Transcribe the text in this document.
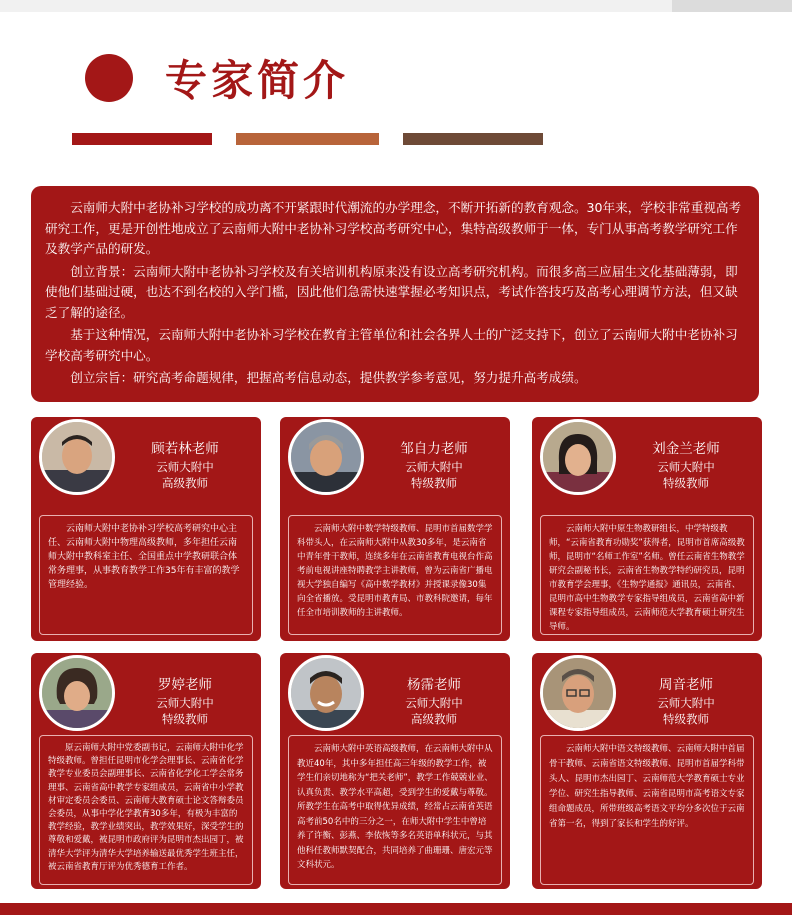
专家简介

云南师大附中老协补习学校的成功离不开紧跟时代潮流的办学理念，不断开拓新的教育观念。30年来，学校非常重视高考研究工作，更是开创性地成立了云南师大附中老协补习学校高考研究中心，集特高级教师于一体，专门从事高考教学研究工作及教学产品的研发。

创立背景：云南师大附中老协补习学校及有关培训机构原来没有设立高考研究机构。而很多高三应届生文化基础薄弱，即使他们基础过硬，也达不到名校的入学门槛，因此他们急需快速掌握必考知识点，考试作答技巧及高考心理调节方法，但又缺乏了解的途径。

基于这种情况，云南师大附中老协补习学校在教育主管单位和社会各界人士的广泛支持下，创立了云南师大附中老协补习学校高考研究中心。

创立宗旨：研究高考命题规律，把握高考信息动态，提供教学参考意见，努力提升高考成绩。

顾若林老师
云师大附中
高级教师
云南师大附中老协补习学校高考研究中心主任、云南师大附中物理高级教师，多年担任云南师大附中教科室主任、全国重点中学教研联合体常务理事，从事教育教学工作35年有丰富的教学管理经验。
邹自力老师
云师大附中
特级教师
云南师大附中数学特级教师、昆明市首届数学学科带头人，在云南师大附中从教30多年，是云南省中青年骨干教师，连续多年在云南省教育电视台作高考前电视讲座特聘教学主讲教师，曾为云南省广播电视大学独自编写《高中数学教材》并授课录像30集向全省播放。受昆明市教育局、市教科院邀请，每年任全市培训教师的主讲教师。
刘金兰老师
云师大附中
特级教师
云南师大附中原生物教研组长，中学特级教师，“云南省教育功勋奖”获得者，昆明市首席高级教师，昆明市“名师工作室”名师。曾任云南省生物教学研究会副秘书长，云南省生物教学特约研究员，昆明市教育学会理事，《生物学通报》通讯员，云南省、昆明市高中生物教学专家指导组成员，云南省高中新课程专家指导组成员，云南师范大学教育硕士研究生导师。
罗婷老师
云师大附中
特级教师
原云南师大附中党委副书记，云南师大附中化学特级教师。曾担任昆明市化学会理事长、云南省化学教学专业委员会副理事长、云南省化学化工学会常务理事、云南省高中教学专家组成员，云南省中小学教材审定委员会委员、云南师大教育硕士论文答辩委员会委员，从事中学化学教育30多年，有极为丰富的教学经验，教学业绩突出，教学效果好，深受学生的尊敬和爱戴，被昆明市政府评为昆明市杰出园丁，被清华大学评为清华大学培养输送最优秀学生班主任，被云南省教育厅评为优秀德育工作者。
杨霈老师
云师大附中
高级教师
云南师大附中英语高级教师，在云南师大附中从教近40年，其中多年担任高三年级的教学工作，被学生们亲切地称为“把关老师”，教学工作兢兢业业、认真负责、教学水平高超，受到学生的爱戴与尊敬。所教学生在高考中取得优异成绩，经常占云南省英语高考前50名中的三分之一，在师大附中学生中曾培养了许衡、彭燕、李依恢等多名英语单科状元，与其他科任教师默契配合，共同培养了曲珊珊、唐宏元等文科状元。
周音老师
云师大附中
特级教师
云南师大附中语文特级教师、云南师大附中首届骨干教师、云南省语文特级教师、昆明市首届学科带头人、昆明市杰出园丁、云南师范大学教育硕士专业学位、研究生指导教师、云南省昆明市高考语文专家组命题成员，所带班级高考语文平均分多次位于云南省第一名，得到了家长和学生的好评。
